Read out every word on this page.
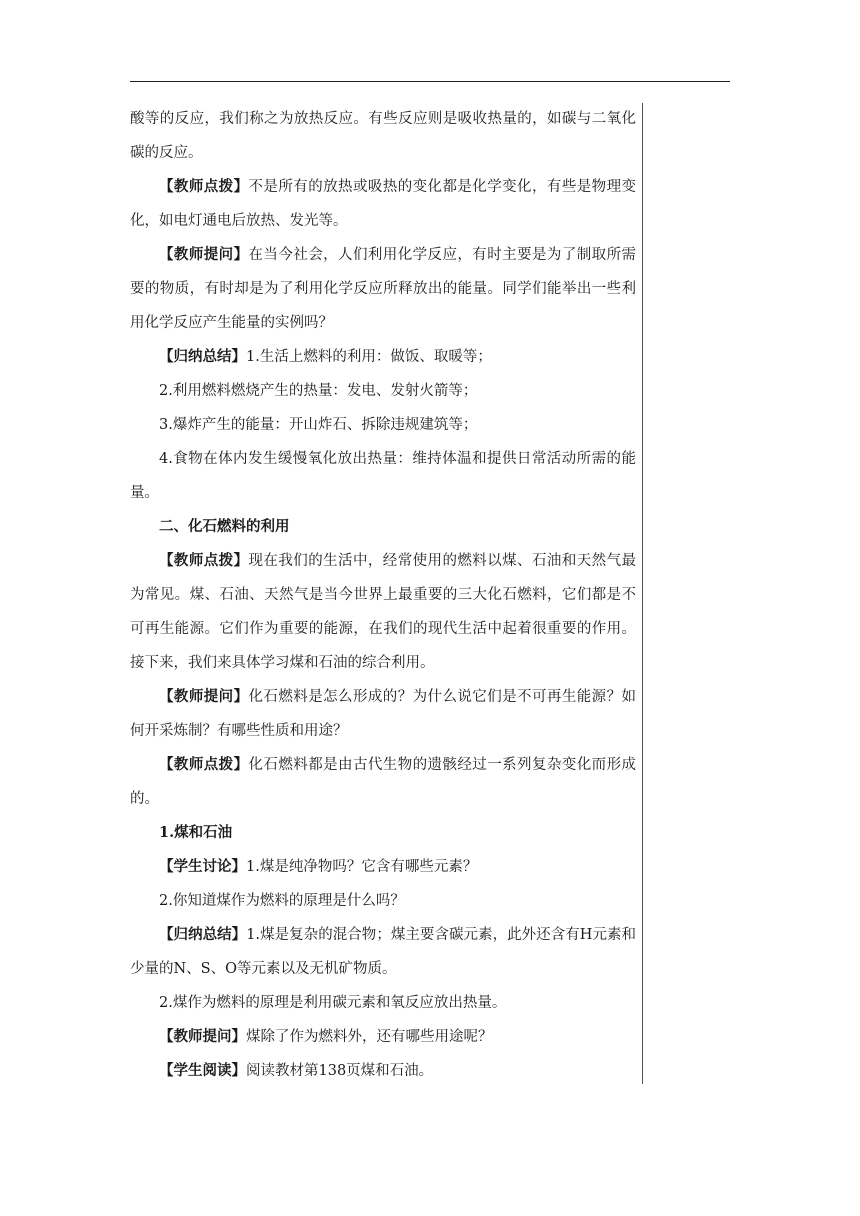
酸等的反应，我们称之为放热反应。有些反应则是吸收热量的，如碳与二氧化碳的反应。

【教师点拨】不是所有的放热或吸热的变化都是化学变化，有些是物理变化，如电灯通电后放热、发光等。

【教师提问】在当今社会，人们利用化学反应，有时主要是为了制取所需要的物质，有时却是为了利用化学反应所释放出的能量。同学们能举出一些利用化学反应产生能量的实例吗？

【归纳总结】1.生活上燃料的利用：做饭、取暖等；

2.利用燃料燃烧产生的热量：发电、发射火箭等；

3.爆炸产生的能量：开山炸石、拆除违规建筑等；

4.食物在体内发生缓慢氧化放出热量：维持体温和提供日常活动所需的能量。

二、化石燃料的利用

【教师点拨】现在我们的生活中，经常使用的燃料以煤、石油和天然气最为常见。煤、石油、天然气是当今世界上最重要的三大化石燃料，它们都是不可再生能源。它们作为重要的能源，在我们的现代生活中起着很重要的作用。接下来，我们来具体学习煤和石油的综合利用。

【教师提问】化石燃料是怎么形成的？为什么说它们是不可再生能源？如何开采炼制？有哪些性质和用途？

【教师点拨】化石燃料都是由古代生物的遗骸经过一系列复杂变化而形成的。

1.煤和石油

【学生讨论】1.煤是纯净物吗？它含有哪些元素？

2.你知道煤作为燃料的原理是什么吗？

【归纳总结】1.煤是复杂的混合物；煤主要含碳元素，此外还含有H元素和少量的N、S、O等元素以及无机矿物质。

2.煤作为燃料的原理是利用碳元素和氧反应放出热量。

【教师提问】煤除了作为燃料外，还有哪些用途呢？

【学生阅读】阅读教材第138页煤和石油。
